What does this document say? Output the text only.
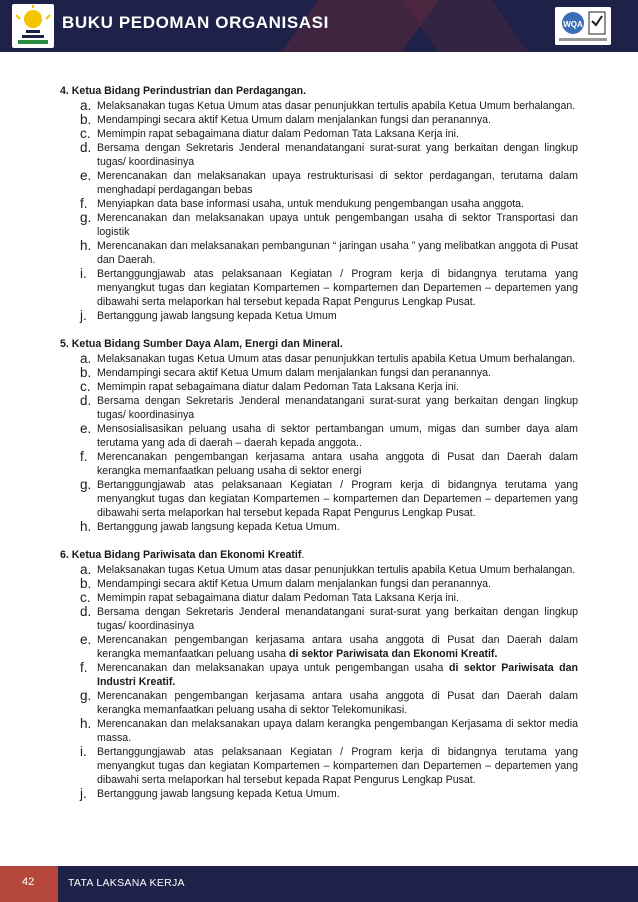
BUKU PEDOMAN ORGANISASI	WQA
4. Ketua Bidang Perindustrian dan Perdagangan.
a. Melaksanakan tugas Ketua Umum atas dasar penunjukkan tertulis apabila Ketua Umum berhalangan.
b. Mendampingi secara aktif Ketua Umum dalam menjalankan fungsi dan peranannya.
c. Memimpin rapat sebagaimana diatur dalam Pedoman Tata Laksana Kerja ini.
d. Bersama dengan Sekretaris Jenderal menandatangani surat-surat yang berkaitan dengan lingkup tugas/ koordinasinya
e. Merencanakan dan melaksanakan upaya restrukturisasi di sektor perdagangan, terutama dalam menghadapi perdagangan bebas
f. Menyiapkan data base informasi usaha, untuk mendukung pengembangan usaha anggota.
g. Merencanakan dan melaksanakan upaya untuk pengembangan usaha di sektor Transportasi dan logistik
h. Merencanakan dan melaksanakan pembangunan “ jaringan usaha ” yang melibatkan anggota di Pusat dan Daerah.
i. Bertanggungjawab atas pelaksanaan Kegiatan / Program kerja di bidangnya terutama yang menyangkut tugas dan kegiatan Kompartemen – kompartemen dan Departemen – departemen yang dibawahi serta melaporkan hal tersebut kepada Rapat Pengurus Lengkap Pusat.
j. Bertanggung jawab langsung kepada Ketua Umum
5. Ketua Bidang Sumber Daya Alam, Energi dan Mineral.
a. Melaksanakan tugas Ketua Umum atas dasar penunjukkan tertulis apabila Ketua Umum berhalangan.
b. Mendampingi secara aktif Ketua Umum dalam menjalankan fungsi dan peranannya.
c. Memimpin rapat sebagaimana diatur dalam Pedoman Tata Laksana Kerja ini.
d. Bersama dengan Sekretaris Jenderal menandatangani surat-surat yang berkaitan dengan lingkup tugas/ koordinasinya
e. Mensosialisasikan peluang usaha di sektor pertambangan umum, migas dan sumber daya alam terutama yang ada di daerah – daerah kepada anggota..
f. Merencanakan pengembangan kerjasama antara usaha anggota di Pusat dan Daerah dalam kerangka memanfaatkan peluang usaha di sektor energi
g. Bertanggungjawab atas pelaksanaan Kegiatan / Program kerja di bidangnya terutama yang menyangkut tugas dan kegiatan Kompartemen – kompartemen dan Departemen – departemen yang dibawahi serta melaporkan hal tersebut kepada Rapat Pengurus Lengkap Pusat.
h. Bertanggung jawab langsung kepada Ketua Umum.
6. Ketua Bidang Pariwisata dan Ekonomi Kreatif.
a. Melaksanakan tugas Ketua Umum atas dasar penunjukkan tertulis apabila Ketua Umum berhalangan.
b. Mendampingi secara aktif Ketua Umum dalam menjalankan fungsi dan peranannya.
c. Memimpin rapat sebagaimana diatur dalam Pedoman Tata Laksana Kerja ini.
d. Bersama dengan Sekretaris Jenderal menandatangani surat-surat yang berkaitan dengan lingkup tugas/ koordinasinya
e. Merencanakan pengembangan kerjasama antara usaha anggota di Pusat dan Daerah dalam kerangka memanfaatkan peluang usaha di sektor Pariwisata dan Ekonomi Kreatif.
f. Merencanakan dan melaksanakan upaya untuk pengembangan usaha di sektor Pariwisata dan Industri Kreatif.
g. Merencanakan pengembangan kerjasama antara usaha anggota di Pusat dan Daerah dalam kerangka memanfaatkan peluang usaha di sektor Telekomunikasi.
h. Merencanakan dan melaksanakan upaya dalam kerangka pengembangan Kerjasama di sektor media massa.
i. Bertanggungjawab atas pelaksanaan Kegiatan / Program kerja di bidangnya terutama yang menyangkut tugas dan kegiatan Kompartemen – kompartemen dan Departemen – departemen yang dibawahi serta melaporkan hal tersebut kepada Rapat Pengurus Lengkap Pusat.
j. Bertanggung jawab langsung kepada Ketua Umum.
42	TATA LAKSANA KERJA
